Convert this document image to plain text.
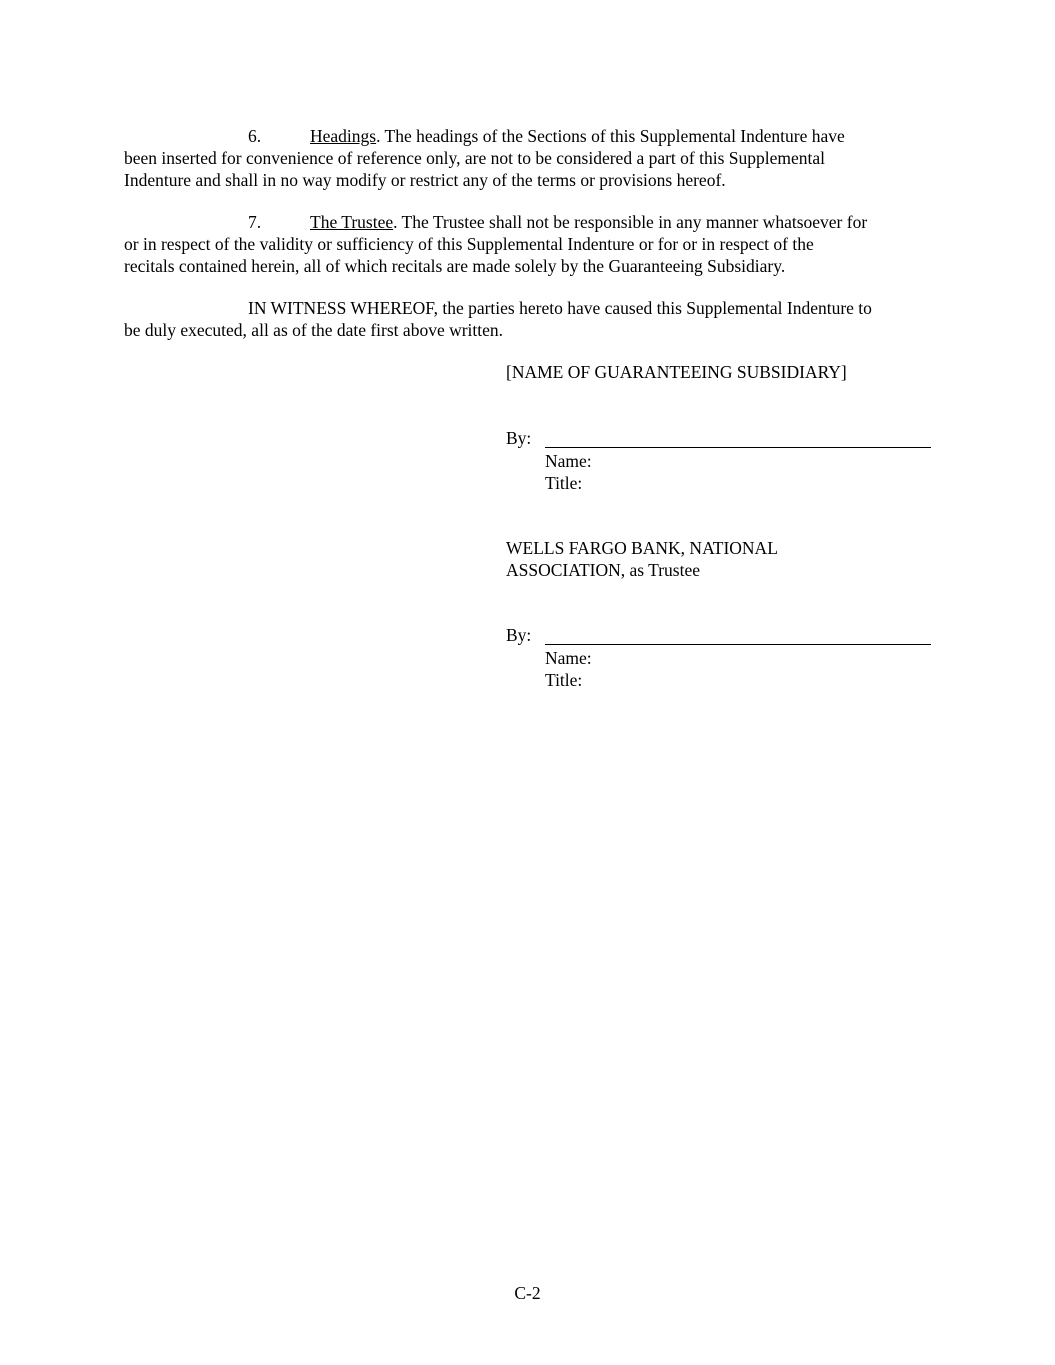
6.	Headings. The headings of the Sections of this Supplemental Indenture have
been inserted for convenience of reference only, are not to be considered a part of this Supplemental
Indenture and shall in no way modify or restrict any of the terms or provisions hereof.
7.	The Trustee. The Trustee shall not be responsible in any manner whatsoever for
or in respect of the validity or sufficiency of this Supplemental Indenture or for or in respect of the
recitals contained herein, all of which recitals are made solely by the Guaranteeing Subsidiary.
IN WITNESS WHEREOF, the parties hereto have caused this Supplemental Indenture to
be duly executed, all as of the date first above written.
[NAME OF GUARANTEEING SUBSIDIARY]
By:
Name:
Title:
WELLS FARGO BANK, NATIONAL
ASSOCIATION, as Trustee
By:
Name:
Title:
C-2
